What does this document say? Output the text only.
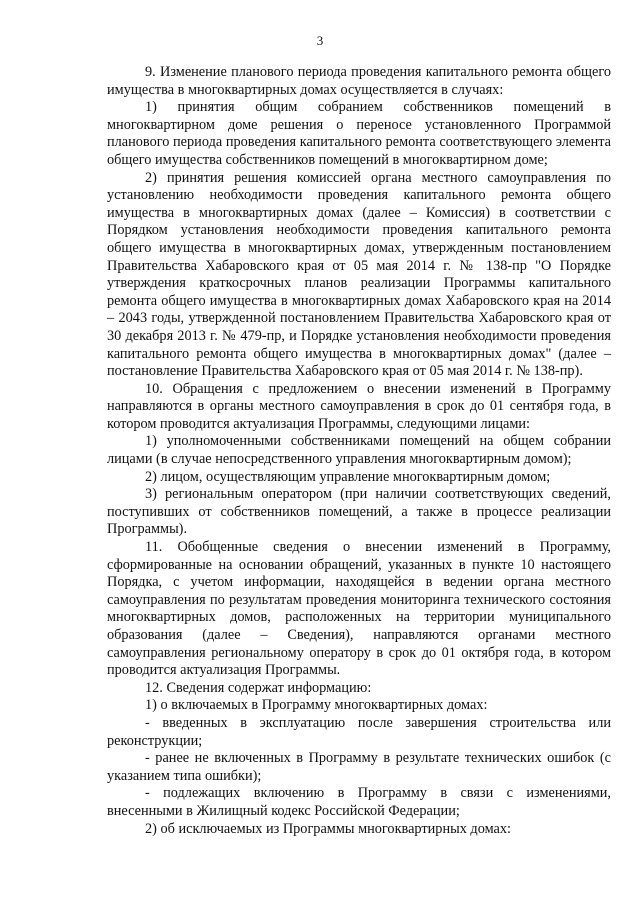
3

9. Изменение планового периода проведения капитального ремонта общего имущества в многоквартирных домах осуществляется в случаях:

1) принятия общим собранием собственников помещений в многоквартирном доме решения о переносе установленного Программой планового периода проведения капитального ремонта соответствующего элемента общего имущества собственников помещений в многоквартирном доме;

2) принятия решения комиссией органа местного самоуправления по установлению необходимости проведения капитального ремонта общего имущества в многоквартирных домах (далее – Комиссия) в соответствии с Порядком установления необходимости проведения капитального ремонта общего имущества в многоквартирных домах, утвержденным постановлением Правительства Хабаровского края от 05 мая 2014 г. № 138-пр "О Порядке утверждения краткосрочных планов реализации Программы капитального ремонта общего имущества в многоквартирных домах Хабаровского края на 2014 – 2043 годы, утвержденной постановлением Правительства Хабаровского края от 30 декабря 2013 г. № 479-пр, и Порядке установления необходимости проведения капитального ремонта общего имущества в многоквартирных домах" (далее – постановление Правительства Хабаровского края от 05 мая 2014 г. № 138-пр).

10. Обращения с предложением о внесении изменений в Программу направляются в органы местного самоуправления в срок до 01 сентября года, в котором проводится актуализация Программы, следующими лицами:

1) уполномоченными собственниками помещений на общем собрании лицами (в случае непосредственного управления многоквартирным домом);

2) лицом, осуществляющим управление многоквартирным домом;

3) региональным оператором (при наличии соответствующих сведений, поступивших от собственников помещений, а также в процессе реализации Программы).

11. Обобщенные сведения о внесении изменений в Программу, сформированные на основании обращений, указанных в пункте 10 настоящего Порядка, с учетом информации, находящейся в ведении органа местного самоуправления по результатам проведения мониторинга технического состояния многоквартирных домов, расположенных на территории муниципального образования (далее – Сведения), направляются органами местного самоуправления региональному оператору в срок до 01 октября года, в котором проводится актуализация Программы.

12. Сведения содержат информацию:

1) о включаемых в Программу многоквартирных домах:

- введенных в эксплуатацию после завершения строительства или реконструкции;

- ранее не включенных в Программу в результате технических ошибок (с указанием типа ошибки);

- подлежащих включению в Программу в связи с изменениями, внесенными в Жилищный кодекс Российской Федерации;

2) об исключаемых из Программы многоквартирных домах:
